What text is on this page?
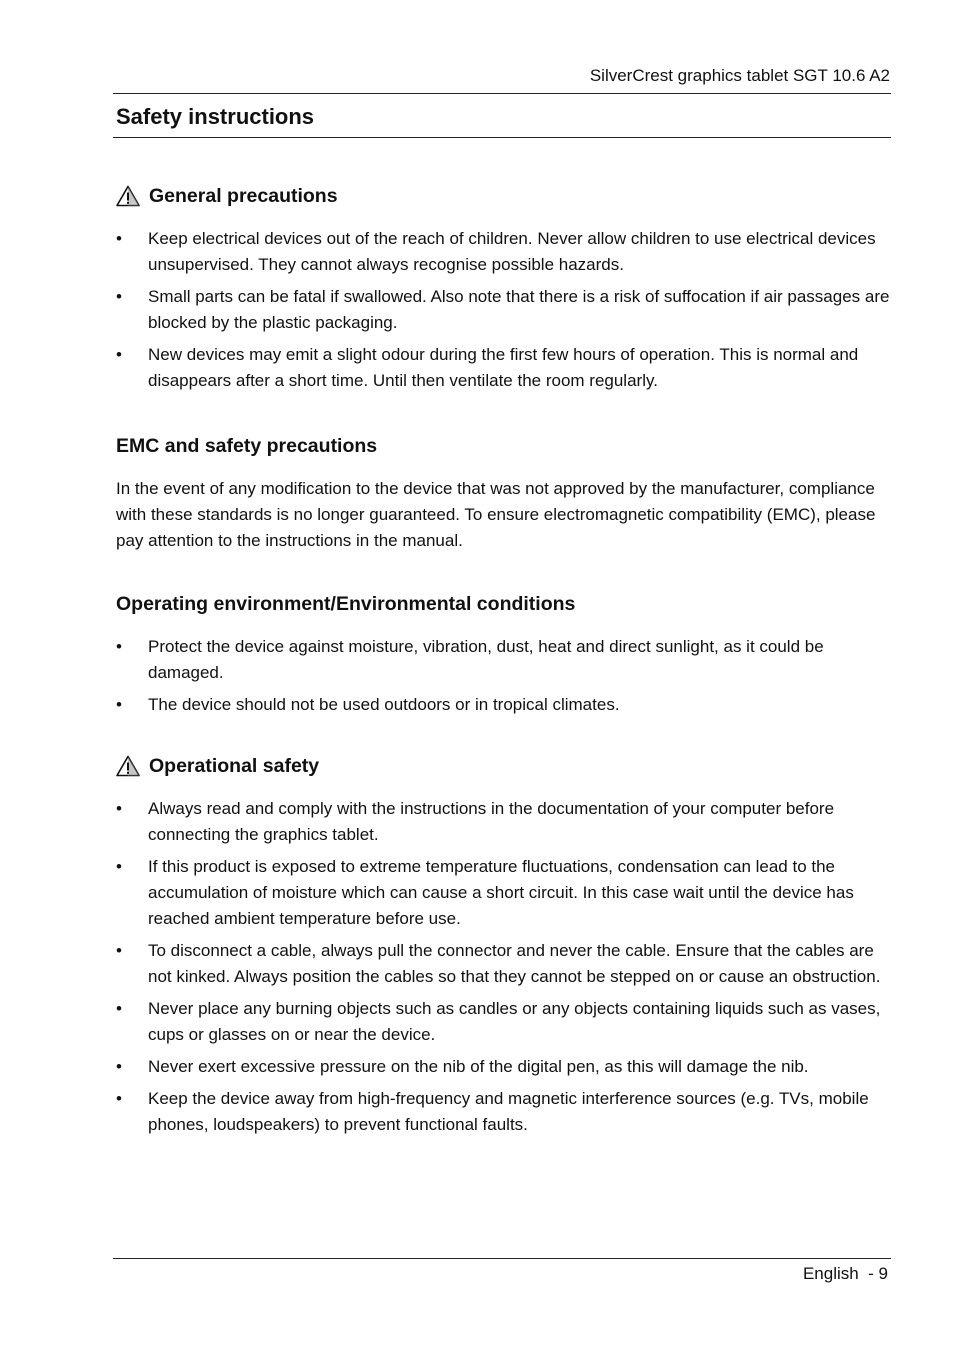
SilverCrest graphics tablet SGT 10.6 A2
Safety instructions
General precautions
• Keep electrical devices out of the reach of children. Never allow children to use electrical devices unsupervised. They cannot always recognise possible hazards.
• Small parts can be fatal if swallowed. Also note that there is a risk of suffocation if air passages are blocked by the plastic packaging.
• New devices may emit a slight odour during the first few hours of operation. This is normal and disappears after a short time. Until then ventilate the room regularly.
EMC and safety precautions

In the event of any modification to the device that was not approved by the manufacturer, compliance with these standards is no longer guaranteed. To ensure electromagnetic compatibility (EMC), please pay attention to the instructions in the manual.

Operating environment/Environmental conditions
• Protect the device against moisture, vibration, dust, heat and direct sunlight, as it could be damaged.
• The device should not be used outdoors or in tropical climates.
Operational safety
• Always read and comply with the instructions in the documentation of your computer before connecting the graphics tablet.
• If this product is exposed to extreme temperature fluctuations, condensation can lead to the accumulation of moisture which can cause a short circuit. In this case wait until the device has reached ambient temperature before use.
• To disconnect a cable, always pull the connector and never the cable. Ensure that the cables are not kinked. Always position the cables so that they cannot be stepped on or cause an obstruction.
• Never place any burning objects such as candles or any objects containing liquids such as vases, cups or glasses on or near the device.
• Never exert excessive pressure on the nib of the digital pen, as this will damage the nib.
• Keep the device away from high-frequency and magnetic interference sources (e.g. TVs, mobile phones, loudspeakers) to prevent functional faults.
English  - 9
